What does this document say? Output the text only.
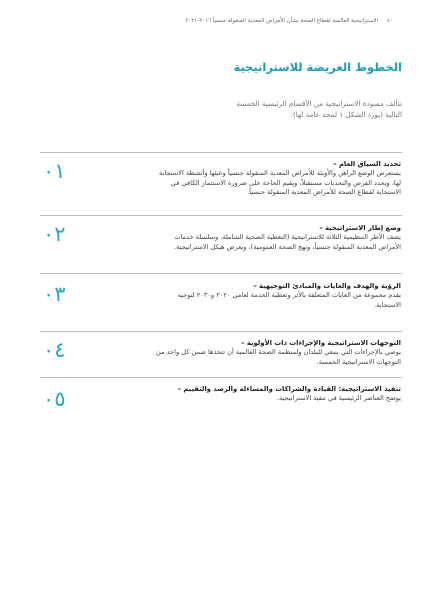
٤٠
الاستراتيجية العالمية لقطاع الصحة بشأن الأمراض المعدية المنقولة جنسياً ٢٠١٦-٢٠٢١
الخطوط العريضة للاستراتيجية
تتألف مسودة الاستراتيجية من الأقسام الرئيسية الخمسة التالية (يورد الشكل ١ لمحة عامة لها):
٠١	تحديد السياق العام –
يستعرض الوضع الراهن والأوبئة للأمراض المعدية المنقولة جنسياً وعبئها وأنشطة الاستجابة لها، ويحدد الفرص والتحديات مستقبلاً، ويقيم الحاجة على ضرورة الاستثمار الكافي في الاستجابة لقطاع الصحة للأمراض المعدية المنقولة جنسياً.
٠٢	وضع إطار الاستراتيجية –
يصف الأطر التنظيمية الثلاثة للاستراتيجية (التغطية الصحية الشاملة، وسلسلة خدمات الأمراض المعدية المنقولة جنسياً، ونهج الصحة العمومية)، ويعرض هيكل الاستراتيجية.
٠٣	الرؤية والهدف والغايات والمبادئ التوجيهية –
يقدم مجموعة من الغايات المتعلقة بالأثر وتغطية الخدمة لعامي ٢٠٢٠ و٢٠٣٠ لتوجيه الاستجابة.
٠٤	التوجهات الاستراتيجية والإجراءات ذات الأولوية –
يوصي بالإجراءات التي ينبغي للبلدان ولمنظمة الصحة العالمية أن تتخذها ضمن كل واحد من التوجهات الاستراتيجية الخمسة.
٠٥	تنفيذ الاستراتيجية: القيادة والشراكات والمساءلة والرصد والتقييم –
يوضح العناصر الرئيسية في تنفيذ الاستراتيجية.
